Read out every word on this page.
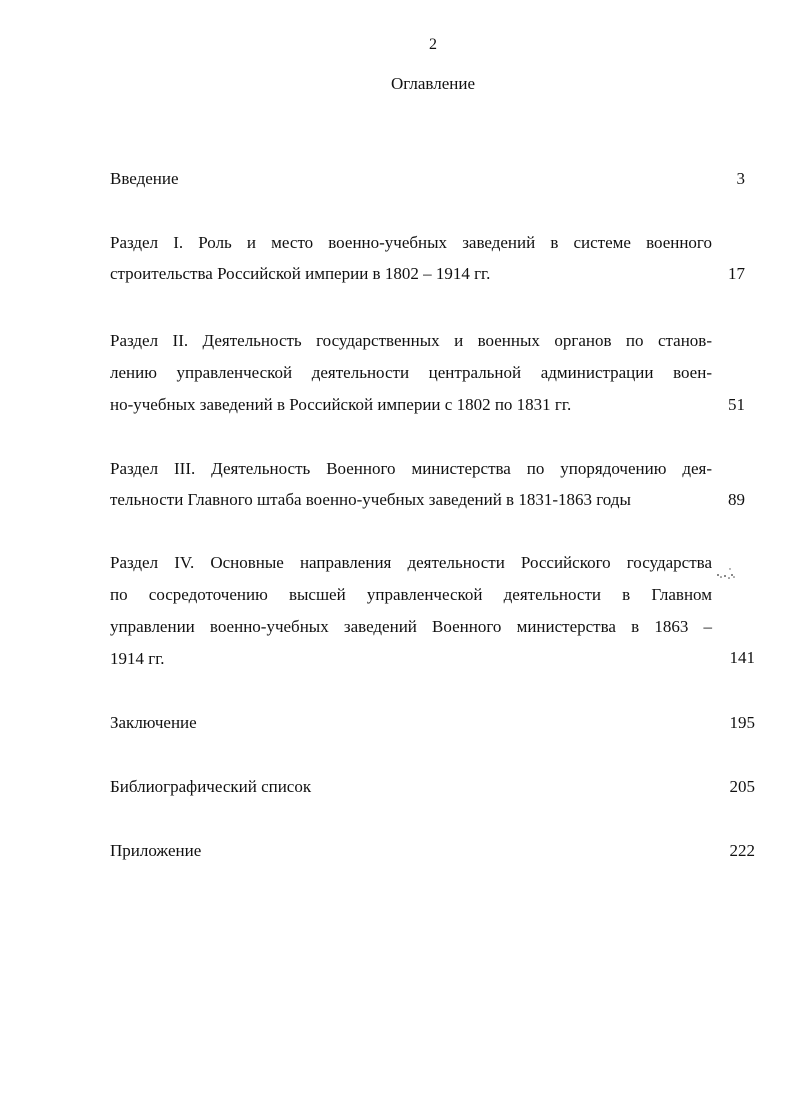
2
Оглавление
Введение	3
Раздел I. Роль и место военно-учебных заведений в системе военного
строительства Российской империи в 1802 – 1914 гг.	17
Раздел II. Деятельность государственных и военных органов по станов-
лению управленческой деятельности центральной администрации воен-
но-учебных заведений в Российской империи с 1802 по 1831 гг.	51
Раздел III. Деятельность Военного министерства по упорядочению дея-
тельности Главного штаба военно-учебных заведений в 1831-1863 годы	89
Раздел IV. Основные направления деятельности Российского государства
по сосредоточению высшей управленческой деятельности в Главном
управлении военно-учебных заведений Военного министерства в 1863 –
1914 гг.	141
Заключение	195
Библиографический список	205
Приложение	222
